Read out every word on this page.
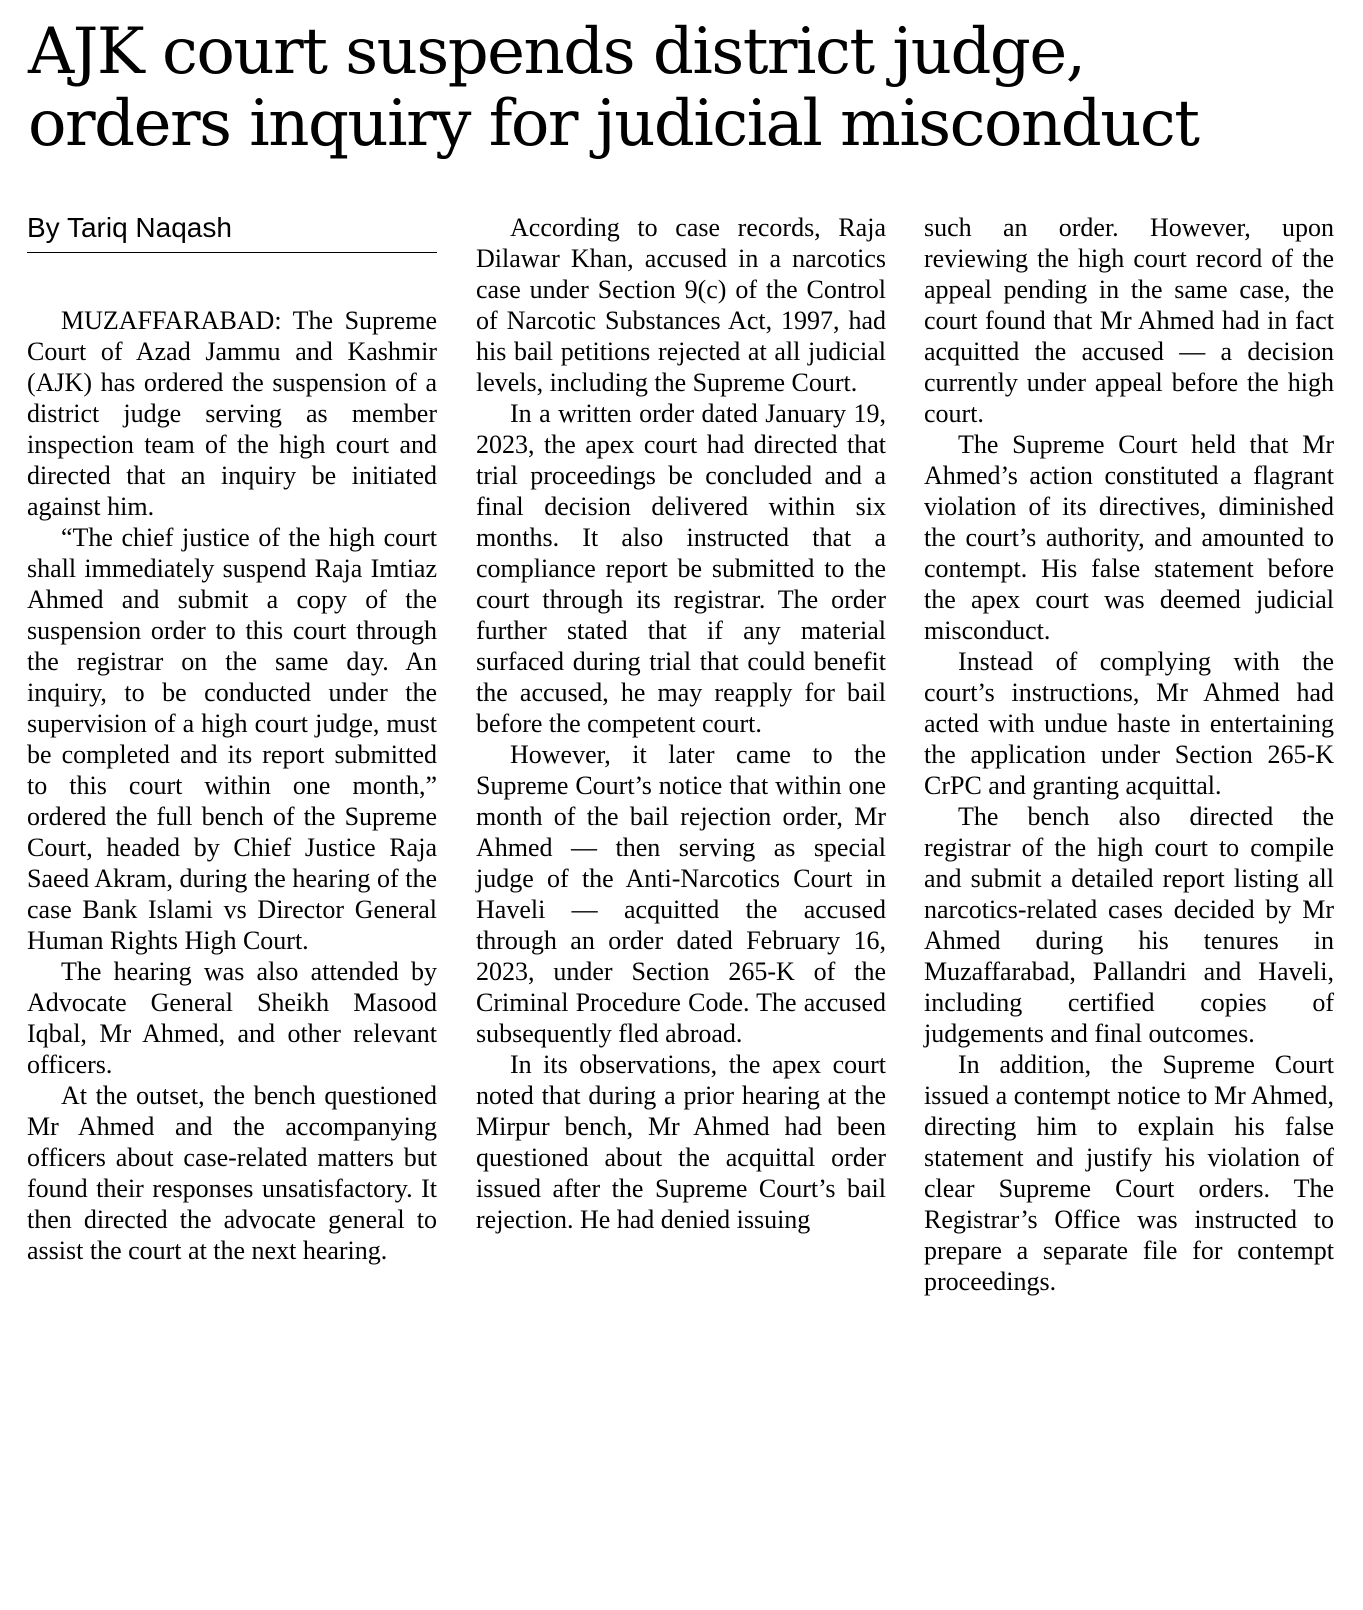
AJK court suspends district judge,
orders inquiry for judicial misconduct
By Tariq Naqash

MUZAFFARABAD: The Supreme Court of Azad Jammu and Kashmir (AJK) has ordered the suspension of a district judge serving as member inspection team of the high court and directed that an inquiry be initiated against him.

“The chief justice of the high court shall immediately suspend Raja Imtiaz Ahmed and submit a copy of the suspension order to this court through the registrar on the same day. An inquiry, to be conducted under the supervision of a high court judge, must be completed and its report submitted to this court within one month,” ordered the full bench of the Supreme Court, headed by Chief Justice Raja Saeed Akram, during the hearing of the case Bank Islami vs Director General Human Rights High Court.

The hearing was also attended by Advocate General Sheikh Masood Iqbal, Mr Ahmed, and other relevant officers.

At the outset, the bench questioned Mr Ahmed and the accompanying officers about case-related matters but found their responses unsatisfactory. It then directed the advocate general to assist the court at the next hearing.

According to case records, Raja Dilawar Khan, accused in a narcotics case under Section 9(c) of the Control of Narcotic Substances Act, 1997, had his bail petitions rejected at all judicial levels, including the Supreme Court.

In a written order dated January 19, 2023, the apex court had directed that trial proceedings be concluded and a final decision delivered within six months. It also instructed that a compliance report be submitted to the court through its registrar. The order further stated that if any material surfaced during trial that could benefit the accused, he may reapply for bail before the competent court.

However, it later came to the Supreme Court’s notice that within one month of the bail rejection order, Mr Ahmed — then serving as special judge of the Anti-Narcotics Court in Haveli — acquitted the accused through an order dated February 16, 2023, under Section 265-K of the Criminal Procedure Code. The accused subsequently fled abroad.

In its observations, the apex court noted that during a prior hearing at the Mirpur bench, Mr Ahmed had been questioned about the acquittal order issued after the Supreme Court’s bail rejection. He had denied issuing

such an order. However, upon reviewing the high court record of the appeal pending in the same case, the court found that Mr Ahmed had in fact acquitted the accused — a decision currently under appeal before the high court.

The Supreme Court held that Mr Ahmed’s action constituted a flagrant violation of its directives, diminished the court’s authority, and amounted to contempt. His false statement before the apex court was deemed judicial misconduct.

Instead of complying with the court’s instructions, Mr Ahmed had acted with undue haste in entertaining the application under Section 265-K CrPC and granting acquittal.

The bench also directed the registrar of the high court to compile and submit a detailed report listing all narcotics-related cases decided by Mr Ahmed during his tenures in Muzaffarabad, Pallandri and Haveli, including certified copies of judgements and final outcomes.

In addition, the Supreme Court issued a contempt notice to Mr Ahmed, directing him to explain his false statement and justify his violation of clear Supreme Court orders. The Registrar’s Office was instructed to prepare a separate file for contempt proceedings.
